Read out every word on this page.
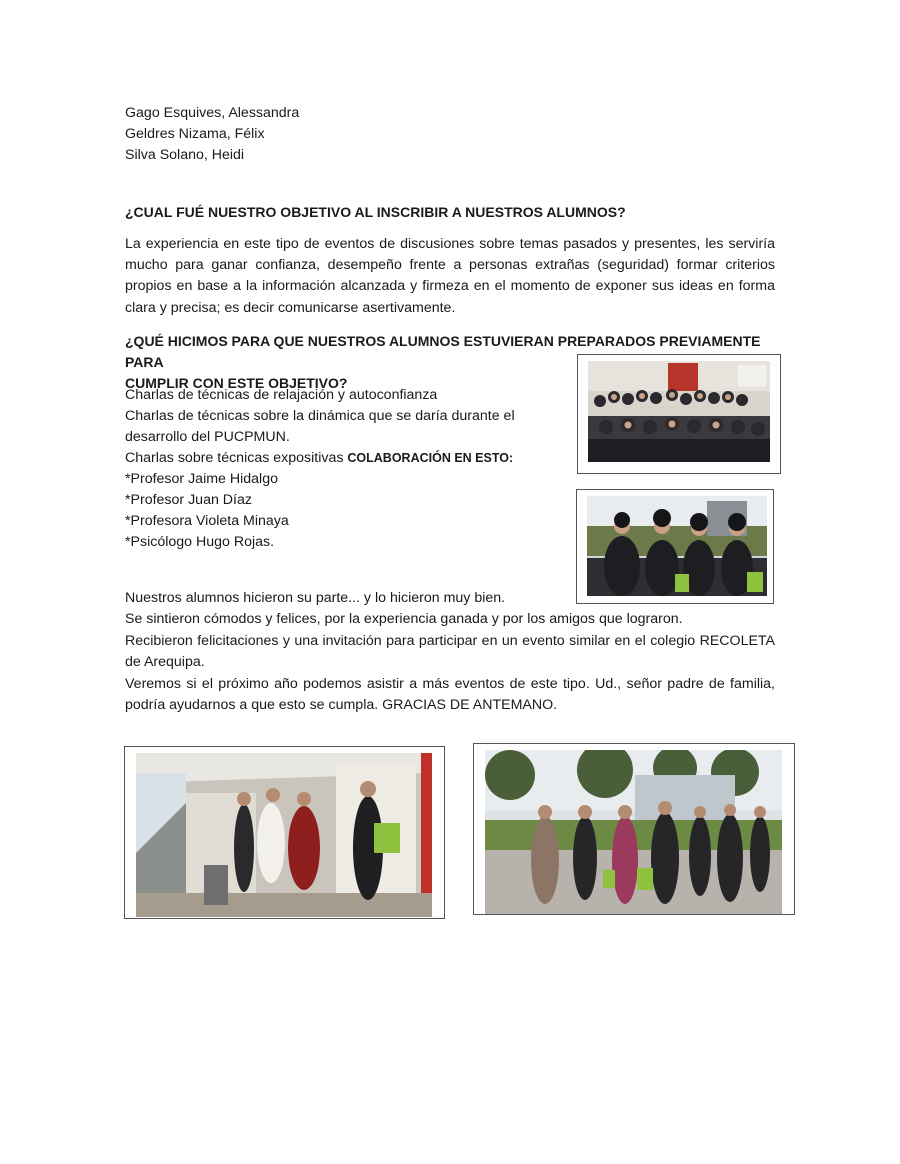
Gago Esquives, Alessandra
Geldres Nizama, Félix
Silva Solano, Heidi
¿CUAL FUÉ NUESTRO OBJETIVO AL INSCRIBIR A NUESTROS ALUMNOS?
La experiencia en este tipo de eventos de discusiones sobre temas pasados y presentes, les serviría mucho para ganar confianza, desempeño frente a personas extrañas (seguridad) formar criterios propios en base a la información alcanzada y firmeza en el momento de exponer sus ideas en forma clara y precisa; es decir comunicarse asertivamente.
¿QUÉ HICIMOS PARA QUE NUESTROS ALUMNOS ESTUVIERAN PREPARADOS PREVIAMENTE PARA
CUMPLIR CON ESTE OBJETIVO?
Charlas de técnicas de relajación y autoconfianza
Charlas de técnicas sobre la dinámica que se daría durante el
desarrollo del PUCPMUN.
Charlas sobre técnicas expositivas COLABORACIÓN EN ESTO:
*Profesor Jaime Hidalgo
*Profesor Juan Díaz
*Profesora Violeta Minaya
*Psicólogo Hugo Rojas.
Nuestros alumnos hicieron su parte... y lo hicieron muy bien.
Se sintieron cómodos y felices, por la experiencia ganada y por los amigos que lograron.
Recibieron felicitaciones y una invitación para participar en un evento similar en el colegio RECOLETA de Arequipa.
Veremos si el próximo año podemos asistir a más eventos de este tipo. Ud., señor padre de familia, podría ayudarnos a que esto se cumpla. GRACIAS DE ANTEMANO.
